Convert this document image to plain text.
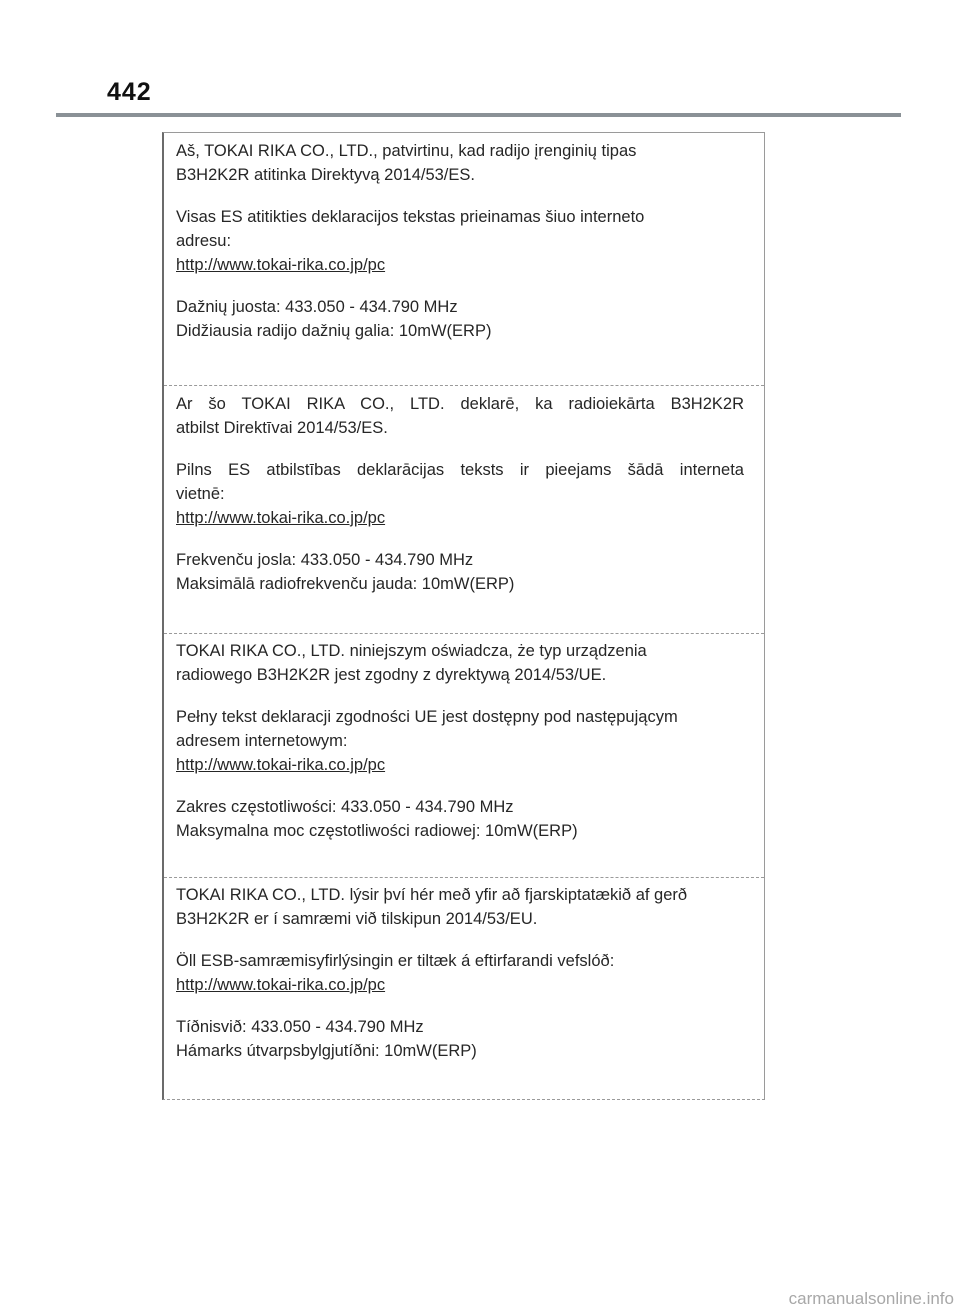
442
Aš, TOKAI RIKA CO., LTD., patvirtinu, kad radijo įrenginių tipas
B3H2K2R atitinka Direktyvą 2014/53/ES.
Visas ES atitikties deklaracijos tekstas prieinamas šiuo interneto
adresu:
http://www.tokai-rika.co.jp/pc
Dažnių juosta: 433.050 - 434.790 MHz
Didžiausia radijo dažnių galia: 10mW(ERP)
Ar šo TOKAI RIKA CO., LTD. deklarē, ka radioiekārta B3H2K2R
atbilst Direktīvai 2014/53/ES.
Pilns ES atbilstības deklarācijas teksts ir pieejams šādā interneta
vietnē:
http://www.tokai-rika.co.jp/pc
Frekvenču josla: 433.050 - 434.790 MHz
Maksimālā radiofrekvenču jauda: 10mW(ERP)
TOKAI RIKA CO., LTD. niniejszym oświadcza, że typ urządzenia
radiowego B3H2K2R jest zgodny z dyrektywą 2014/53/UE.
Pełny tekst deklaracji zgodności UE jest dostępny pod następującym
adresem internetowym:
http://www.tokai-rika.co.jp/pc
Zakres częstotliwości: 433.050 - 434.790 MHz
Maksymalna moc częstotliwości radiowej: 10mW(ERP)
TOKAI RIKA CO., LTD. lýsir því hér með yfir að fjarskiptatækið af gerð
B3H2K2R er í samræmi við tilskipun 2014/53/EU.
Öll ESB-samræmisyfirlýsingin er tiltæk á eftirfarandi vefslóð:
http://www.tokai-rika.co.jp/pc
Tíðnisvið: 433.050 - 434.790 MHz
Hámarks útvarpsbylgjutíðni: 10mW(ERP)
carmanualsonline.info
